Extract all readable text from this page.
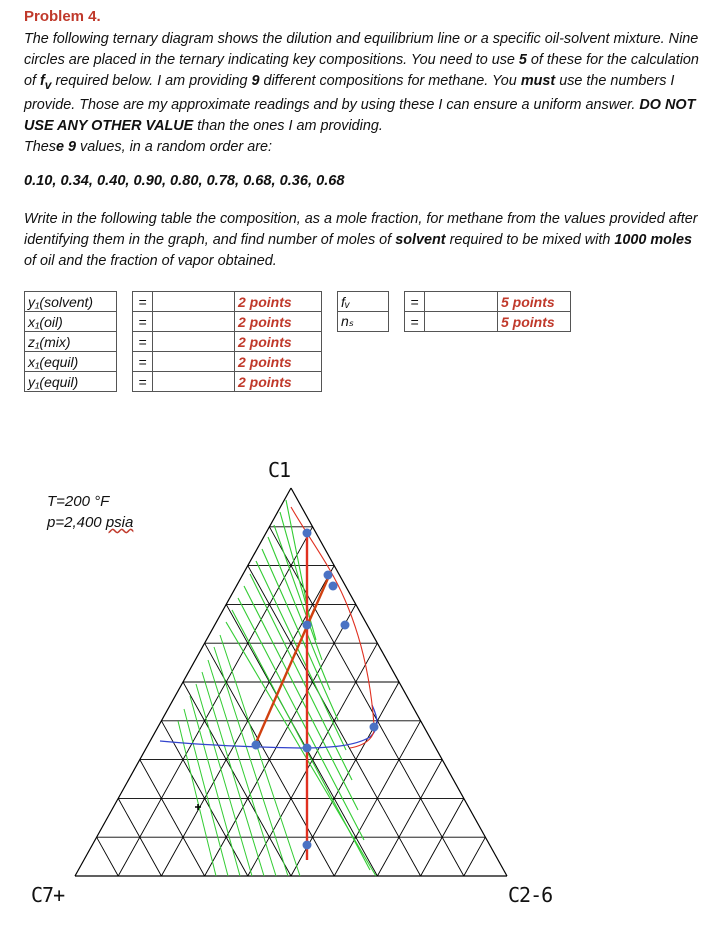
Problem 4.

The following ternary diagram shows the dilution and equilibrium line or a specific oil-solvent mixture. Nine circles are placed in the ternary indicating key compositions. You need to use 5 of these for the calculation of $f_v$ required below. I am providing 9 different compositions for methane. You must use the numbers I provide. Those are my approximate readings and by using these I can ensure a uniform answer. DO NOT USE ANY OTHER VALUE than the ones I am providing.
These 9 values, in a random order are:

0.10, 0.34, 0.40, 0.90, 0.80, 0.78, 0.68, 0.36, 0.68

Write in the following table the composition, as a mole fraction, for methane from the values provided after identifying them in the graph, and find number of moles of solvent required to be mixed with 1000 moles of oil and the fraction of vapor obtained.

y₁(solvent)		=		2 points
x₁(oil)		=		2 points
z₁(mix)		=		2 points
x₁(equil)		=		2 points
y₁(equil)		=		2 points
fᵥ		=		5 points
nₛ		=		5 points
T=200 °F
p=2,400 psia
C1
C7+	C2-6
